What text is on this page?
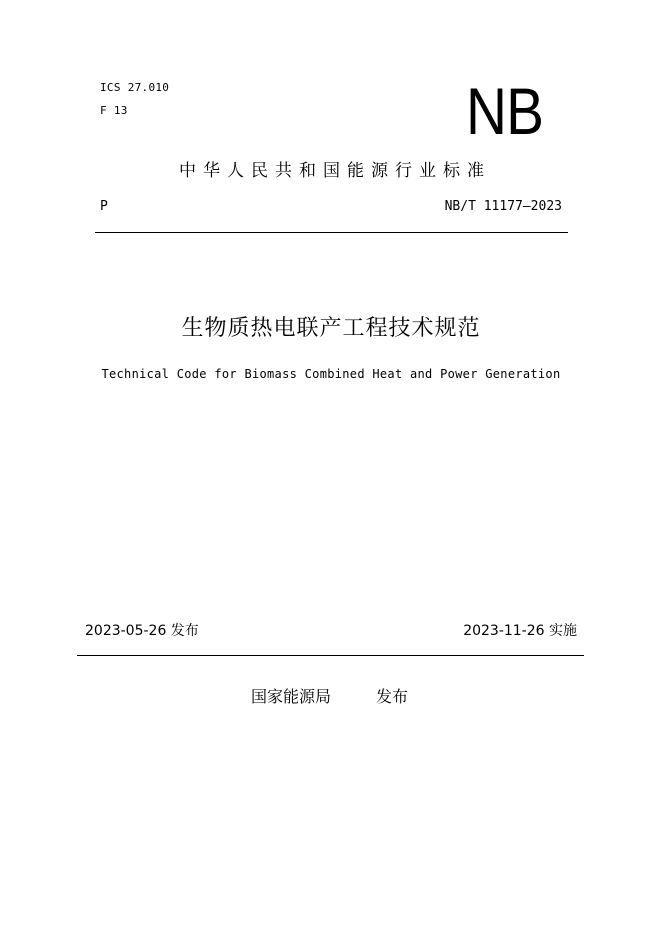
ICS 27.010
F 13	NB
中华人民共和国能源行业标准
P	NB/T 11177—2023
生物质热电联产工程技术规范
Technical Code for Biomass Combined Heat and Power Generation
2023-05-26 发布	2023-11-26 实施
国家能源局	发布
